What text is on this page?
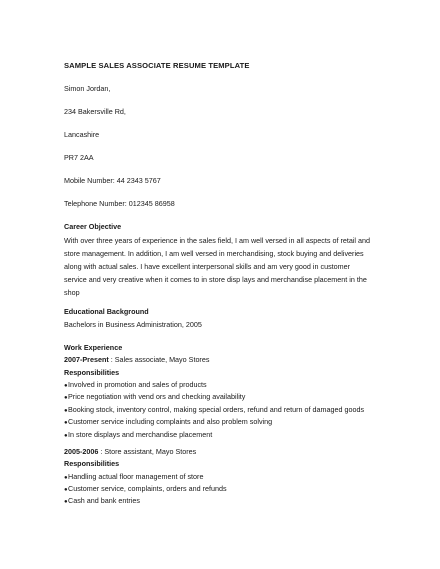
SAMPLE SALES ASSOCIATE RESUME TEMPLATE
Simon Jordan,
234 Bakersville Rd,
Lancashire
PR7 2AA
Mobile Number: 44 2343 5767
Telephone Number: 012345 86958
Career Objective
With over three years of experience in the sales field, I am well versed in all aspects of retail and
store management. In addition, I am well versed in merchandising, stock buying and deliveries
along with actual sales. I have excellent interpersonal skills and am very good in customer
service and very creative when it comes to in store disp lays and merchandise placement in the
shop
Educational Background
Bachelors in Business Administration, 2005
Work Experience
2007-Present : Sales associate, Mayo Stores
Responsibilities
●Involved in promotion and sales of products
●Price negotiation with vend ors and checking availability
●Booking stock, inventory control, making special orders, refund and return of damaged goods
●Customer service including complaints and also problem solving
●In store displays and merchandise placement
2005-2006 : Store assistant, Mayo Stores
Responsibilities
●Handling actual floor management of store
●Customer service, complaints, orders and refunds
●Cash and bank entries
